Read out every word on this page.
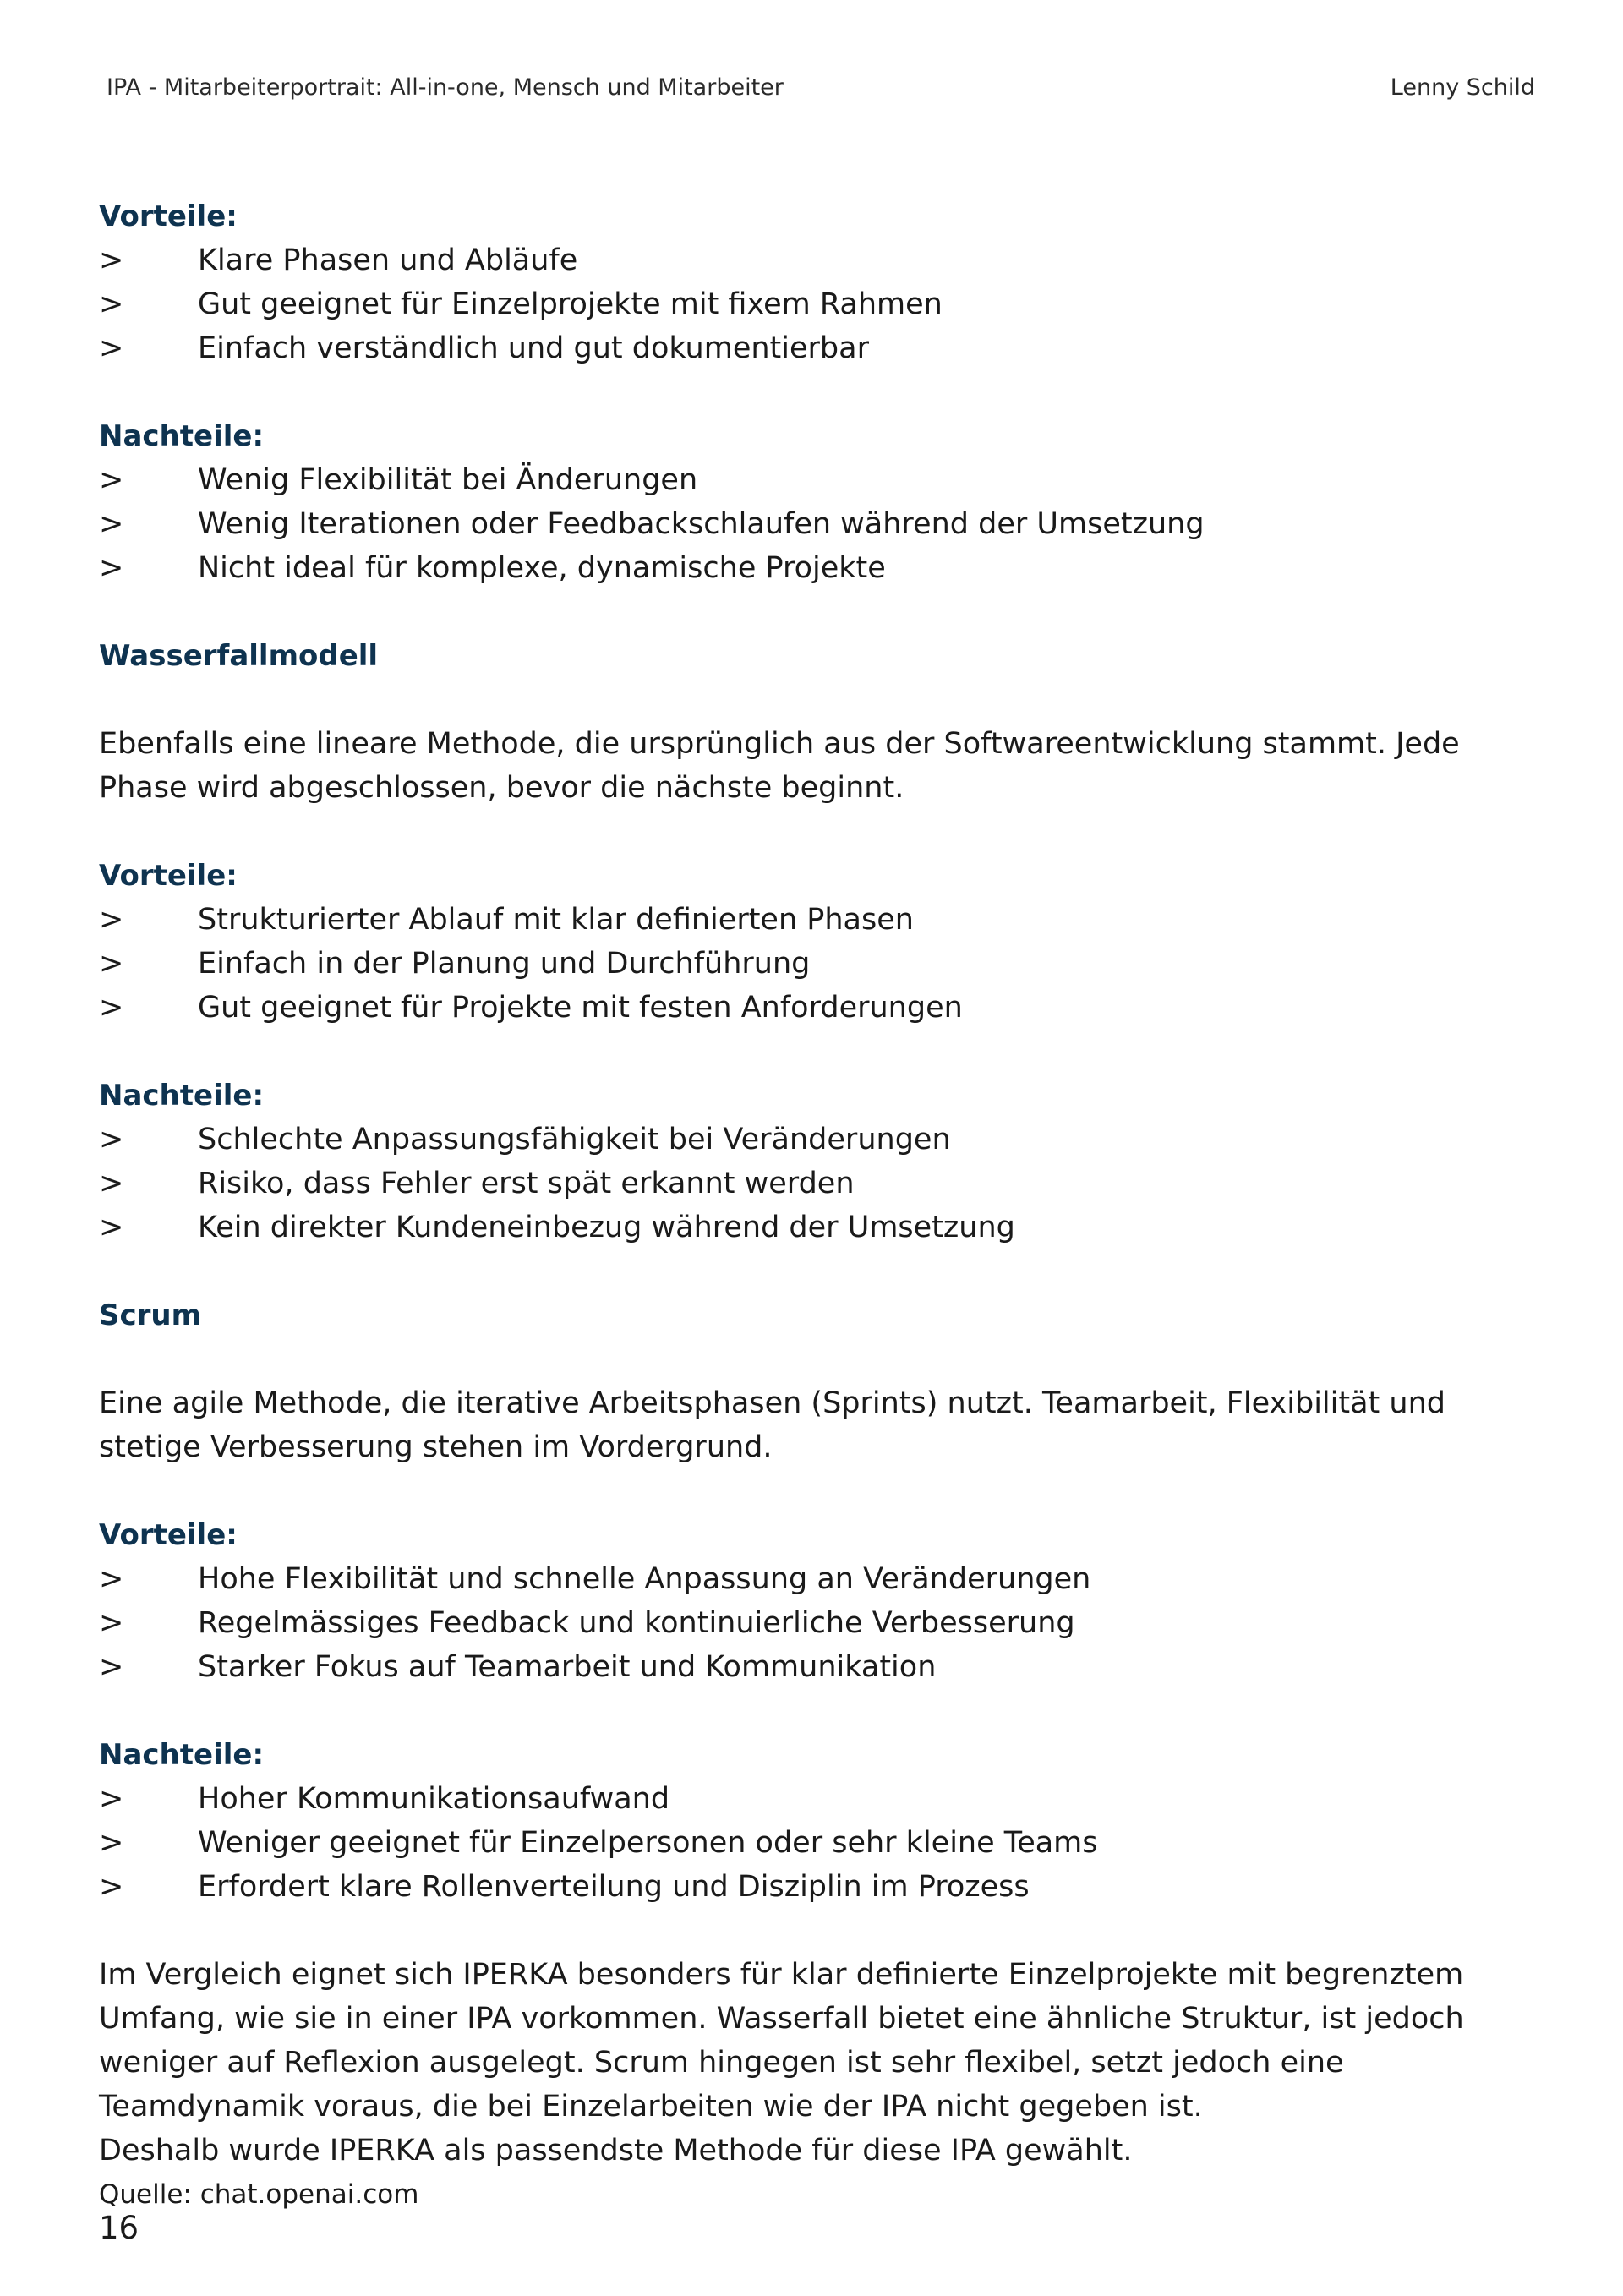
IPA - Mitarbeiterportrait: All-in-one, Mensch und Mitarbeiter	Lenny Schild
Vorteile:
>	Klare Phasen und Abläufe
>	Gut geeignet für Einzelprojekte mit fixem Rahmen
>	Einfach verständlich und gut dokumentierbar
Nachteile:
>	Wenig Flexibilität bei Änderungen
>	Wenig Iterationen oder Feedbackschlaufen während der Umsetzung
>	Nicht ideal für komplexe, dynamische Projekte
Wasserfallmodell

Ebenfalls eine lineare Methode, die ursprünglich aus der Softwareentwicklung stammt. Jede Phase wird abgeschlossen, bevor die nächste beginnt.

Vorteile:
>	Strukturierter Ablauf mit klar definierten Phasen
>	Einfach in der Planung und Durchführung
>	Gut geeignet für Projekte mit festen Anforderungen
Nachteile:
>	Schlechte Anpassungsfähigkeit bei Veränderungen
>	Risiko, dass Fehler erst spät erkannt werden
>	Kein direkter Kundeneinbezug während der Umsetzung
Scrum

Eine agile Methode, die iterative Arbeitsphasen (Sprints) nutzt. Teamarbeit, Flexibilität und stetige Verbesserung stehen im Vordergrund.

Vorteile:
>	Hohe Flexibilität und schnelle Anpassung an Veränderungen
>	Regelmässiges Feedback und kontinuierliche Verbesserung
>	Starker Fokus auf Teamarbeit und Kommunikation
Nachteile:
>	Hoher Kommunikationsaufwand
>	Weniger geeignet für Einzelpersonen oder sehr kleine Teams
>	Erfordert klare Rollenverteilung und Disziplin im Prozess

Im Vergleich eignet sich IPERKA besonders für klar definierte Einzelprojekte mit begrenztem Umfang, wie sie in einer IPA vorkommen. Wasserfall bietet eine ähnliche Struktur, ist jedoch weniger auf Reflexion ausgelegt. Scrum hingegen ist sehr flexibel, setzt jedoch eine Teamdynamik voraus, die bei Einzelarbeiten wie der IPA nicht gegeben ist.

Deshalb wurde IPERKA als passendste Methode für diese IPA gewählt.

Quelle: chat.openai.com
16
